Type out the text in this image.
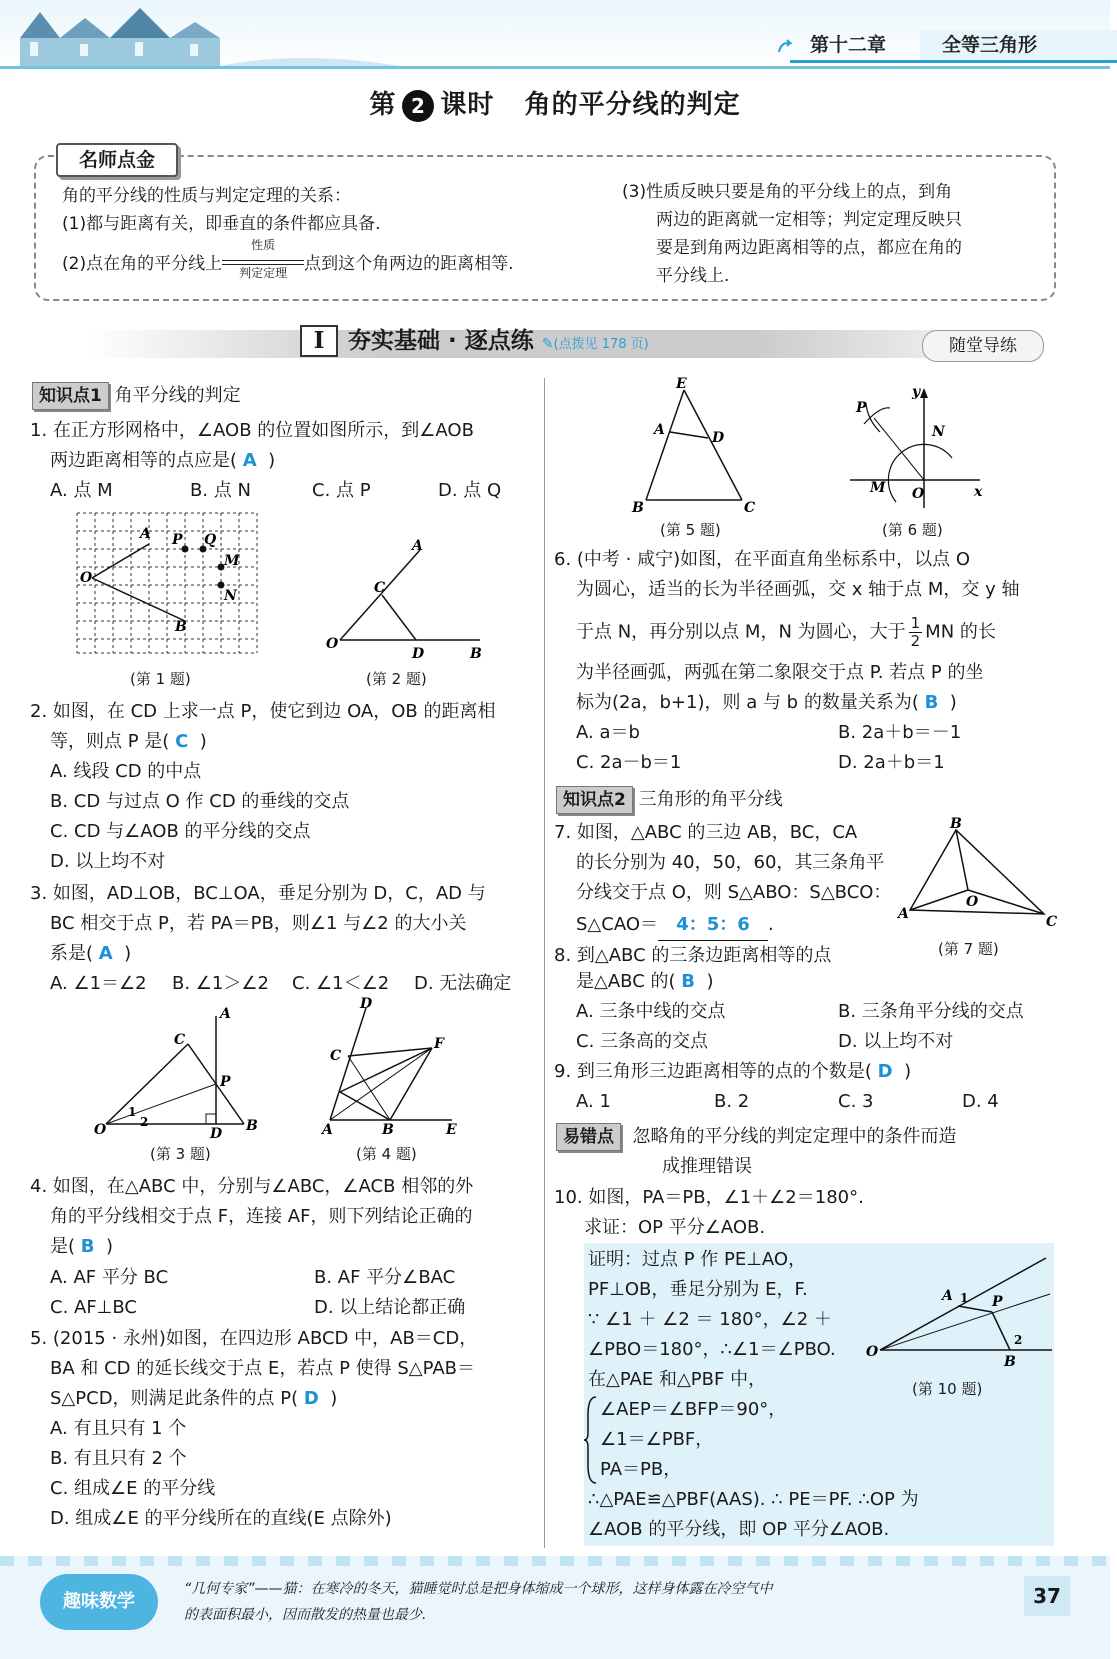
第十二章	全等三角形
第 2 课时 角的平分线的判定
名师点金
角的平分线的性质与判定定理的关系：
(1)都与距离有关，即垂直的条件都应具备.
(2)点在角的平分线上
性质
判定定理	点到这个角两边的距离相等.
(3)性质反映只要是角的平分线上的点，到角
两边的距离就一定相等；判定定理反映只
要是到角两边距离相等的点，都应在角的
平分线上.
I 夯实基础 · 逐点练 ✎(点拨见 178 页)	随堂导练
知识点1 角平分线的判定
1. 在正方形网格中，∠AOB 的位置如图所示，到∠AOB
两边距离相等的点应是( A )
A. 点 M	B. 点 N	C. 点 P	D. 点 Q
O
A
B
P Q
M
N
(第 1 题)
O
A
C
D	B
(第 2 题)
2. 如图，在 CD 上求一点 P，使它到边 OA，OB 的距离相
等，则点 P 是( C )
A. 线段 CD 的中点
B. CD 与过点 O 作 CD 的垂线的交点
C. CD 与∠AOB 的平分线的交点
D. 以上均不对
3. 如图，AD⊥OB，BC⊥OA，垂足分别为 D，C，AD 与
BC 相交于点 P，若 PA＝PB，则∠1 与∠2 的大小关
系是( A )
A. ∠1＝∠2 B. ∠1＞∠2 C. ∠1＜∠2 D. 无法确定
O
A
C
P
D B
1
2
(第 3 题)
D
C
F
A	B	E
(第 4 题)
4. 如图，在△ABC 中，分别与∠ABC，∠ACB 相邻的外
角的平分线相交于点 F，连接 AF，则下列结论正确的
是( B )
A. AF 平分 BC	B. AF 平分∠BAC
C. AF⊥BC	D. 以上结论都正确
5. (2015 · 永州)如图，在四边形 ABCD 中，AB＝CD，
BA 和 CD 的延长线交于点 E，若点 P 使得 S△PAB＝
S△PCD，则满足此条件的点 P( D )
A. 有且只有 1 个
B. 有且只有 2 个
C. 组成∠E 的平分线
D. 组成∠E 的平分线所在的直线(E 点除外)
E
A	D
B	C
(第 5 题)
P
y
N
M O	x
(第 6 题)
6. (中考 · 咸宁)如图，在平面直角坐标系中，以点 O
为圆心，适当的长为半径画弧，交 x 轴于点 M，交 y 轴
于点 N，再分别以点 M，N 为圆心，大于 $\frac{1}{2}$ MN 的长
为半径画弧，两弧在第二象限交于点 P. 若点 P 的坐
标为(2a，b+1)，则 a 与 b 的数量关系为( B )
A. a＝b	B. 2a＋b＝－1
C. 2a－b＝1	D. 2a＋b＝1
知识点2 三角形的角平分线
7. 如图，△ABC 的三边 AB，BC，CA
的长分别为 40，50，60，其三条角平
分线交于点 O，则 S△ABO：S△BCO：
S△CAO＝ 4：5：6 .
B
A	C
O
(第 7 题)
8. 到△ABC 的三条边距离相等的点
是△ABC 的( B )
A. 三条中线的交点	B. 三条角平分线的交点
C. 三条高的交点	D. 以上均不对
9. 到三角形三边距离相等的点的个数是( D )
A. 1	B. 2	C. 3	D. 4
易错点 忽略角的平分线的判定定理中的条件而造
成推理错误
10. 如图，PA＝PB，∠1＋∠2＝180°.
求证：OP 平分∠AOB.
证明：过点 P 作 PE⊥AO，
PF⊥OB，垂足分别为 E，F.
∵ ∠1 ＋ ∠2 ＝ 180°，∠2 ＋
∠PBO＝180°，∴∠1＝∠PBO.
在△PAE 和△PBF 中，
∠AEP＝∠BFP＝90°，
∠1＝∠PBF，
PA＝PB，
∴△PAE≌△PBF(AAS). ∴ PE＝PF. ∴OP 为
∠AOB 的平分线，即 OP 平分∠AOB.
O
A	P
B
1
2
(第 10 题)
趣味数学
“几何专家”——猫：在寒冷的冬天，猫睡觉时总是把身体缩成一个球形，这样身体露在冷空气中
的表面积最小，因而散发的热量也最少.
37
